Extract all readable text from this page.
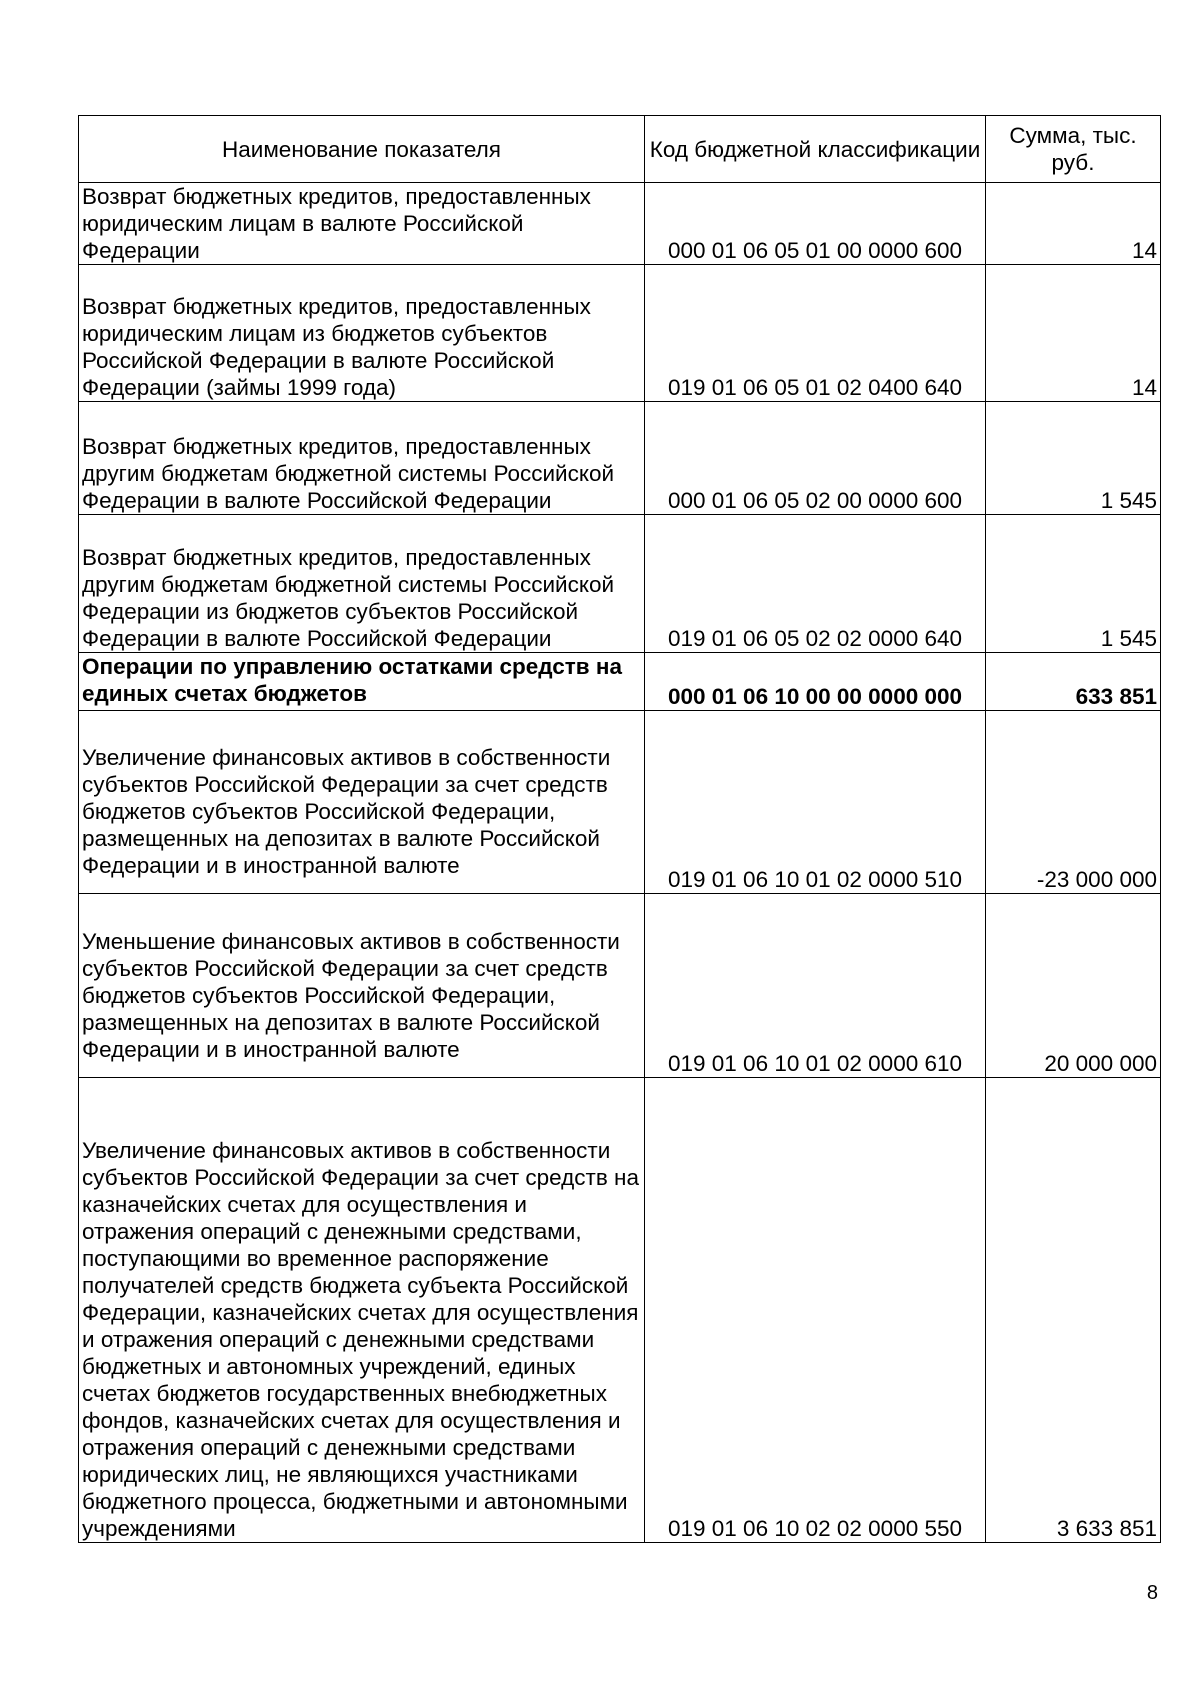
Наименование показателя	Код бюджетной классификации	Сумма, тыс. руб.
Возврат бюджетных кредитов, предоставленных юридическим лицам в валюте Российской Федерации	000 01 06 05 01 00 0000 600	14
Возврат бюджетных кредитов, предоставленных юридическим лицам из бюджетов субъектов Российской Федерации в валюте Российской Федерации (займы 1999 года)	019 01 06 05 01 02 0400 640	14
Возврат бюджетных кредитов, предоставленных другим бюджетам бюджетной системы Российской Федерации в валюте Российской Федерации	000 01 06 05 02 00 0000 600	1 545
Возврат бюджетных кредитов, предоставленных другим бюджетам бюджетной системы Российской Федерации из бюджетов субъектов Российской Федерации в валюте Российской Федерации	019 01 06 05 02 02 0000 640	1 545
Операции по управлению остатками средств на единых счетах бюджетов	000 01 06 10 00 00 0000 000	633 851
Увеличение финансовых активов в собственности субъектов Российской Федерации за счет средств бюджетов субъектов Российской Федерации, размещенных на депозитах в валюте Российской Федерации и в иностранной валюте	019 01 06 10 01 02 0000 510	-23 000 000
Уменьшение финансовых активов в собственности субъектов Российской Федерации за счет средств бюджетов субъектов Российской Федерации, размещенных на депозитах в валюте Российской Федерации и в иностранной валюте	019 01 06 10 01 02 0000 610	20 000 000
Увеличение финансовых активов в собственности субъектов Российской Федерации за счет средств на казначейских счетах для осуществления и отражения операций с денежными средствами, поступающими во временное распоряжение получателей средств бюджета субъекта Российской Федерации, казначейских счетах для осуществления и отражения операций с денежными средствами бюджетных и автономных учреждений, единых счетах бюджетов государственных внебюджетных фондов, казначейских счетах для осуществления и отражения операций с денежными средствами юридических лиц, не являющихся участниками бюджетного процесса, бюджетными и автономными учреждениями	019 01 06 10 02 02 0000 550	3 633 851
8
